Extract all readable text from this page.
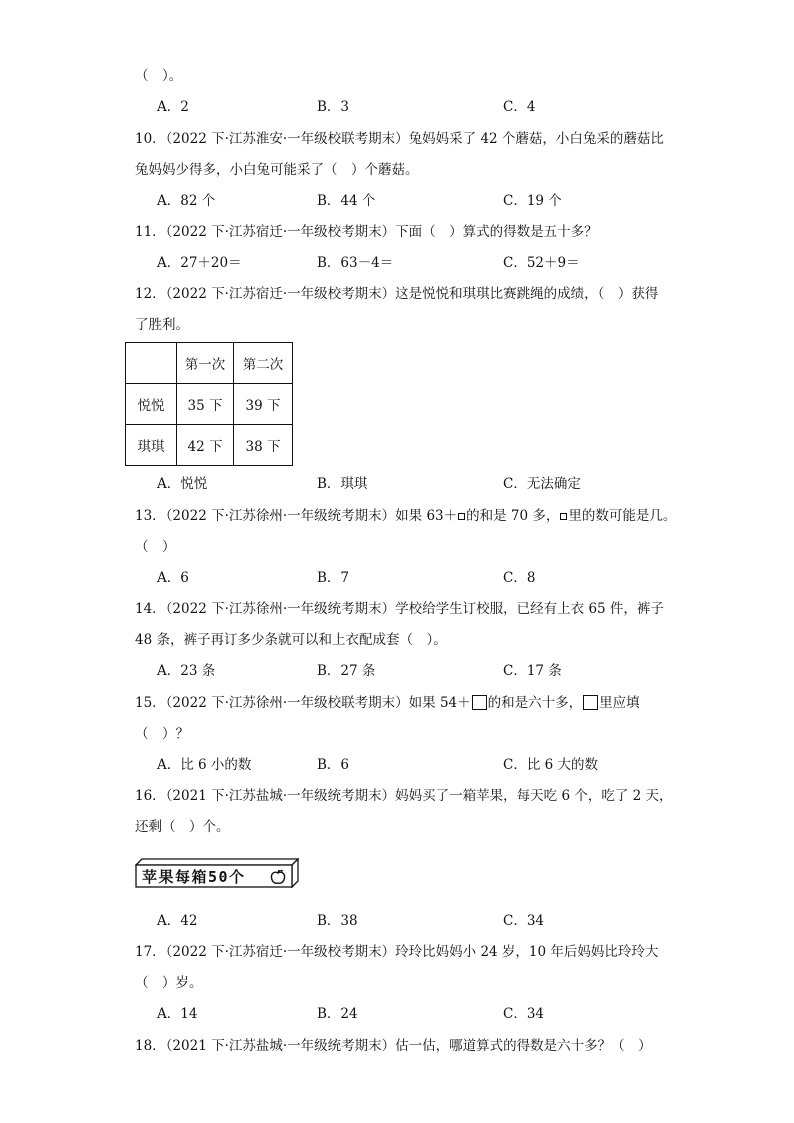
（　）。
A．2	B．3	C．4
10．（2022 下·江苏淮安·一年级校联考期末）兔妈妈采了 42 个蘑菇，小白兔采的蘑菇比
兔妈妈少得多，小白兔可能采了（　）个蘑菇。
A．82 个	B．44 个	C．19 个
11．（2022 下·江苏宿迁·一年级校考期末）下面（　）算式的得数是五十多？
A．27＋20＝	B．63－4＝	C．52＋9＝
12．（2022 下·江苏宿迁·一年级校考期末）这是悦悦和琪琪比赛跳绳的成绩，（　）获得
了胜利。
	第一次	第二次
悦悦	35 下	39 下
琪琪	42 下	38 下
A．悦悦	B．琪琪	C．无法确定
13．（2022 下·江苏徐州·一年级统考期末）如果 63＋ 的和是 70 多， 里的数可能是几。
（　）
A．6	B．7	C．8
14．（2022 下·江苏徐州·一年级统考期末）学校给学生订校服，已经有上衣 65 件，裤子
48 条，裤子再订多少条就可以和上衣配成套（　）。
A．23 条	B．27 条	C．17 条
15．（2022 下·江苏徐州·一年级校联考期末）如果 54＋ 的和是六十多， 里应填
（　）？
A．比 6 小的数	B．6	C．比 6 大的数
16．（2021 下·江苏盐城·一年级统考期末）妈妈买了一箱苹果，每天吃 6 个，吃了 2 天，
还剩（　）个。
苹果每箱50个
A．42	B．38	C．34
17．（2022 下·江苏宿迁·一年级校考期末）玲玲比妈妈小 24 岁，10 年后妈妈比玲玲大
（　）岁。
A．14	B．24	C．34
18．（2021 下·江苏盐城·一年级统考期末）估一估，哪道算式的得数是六十多？（　）
